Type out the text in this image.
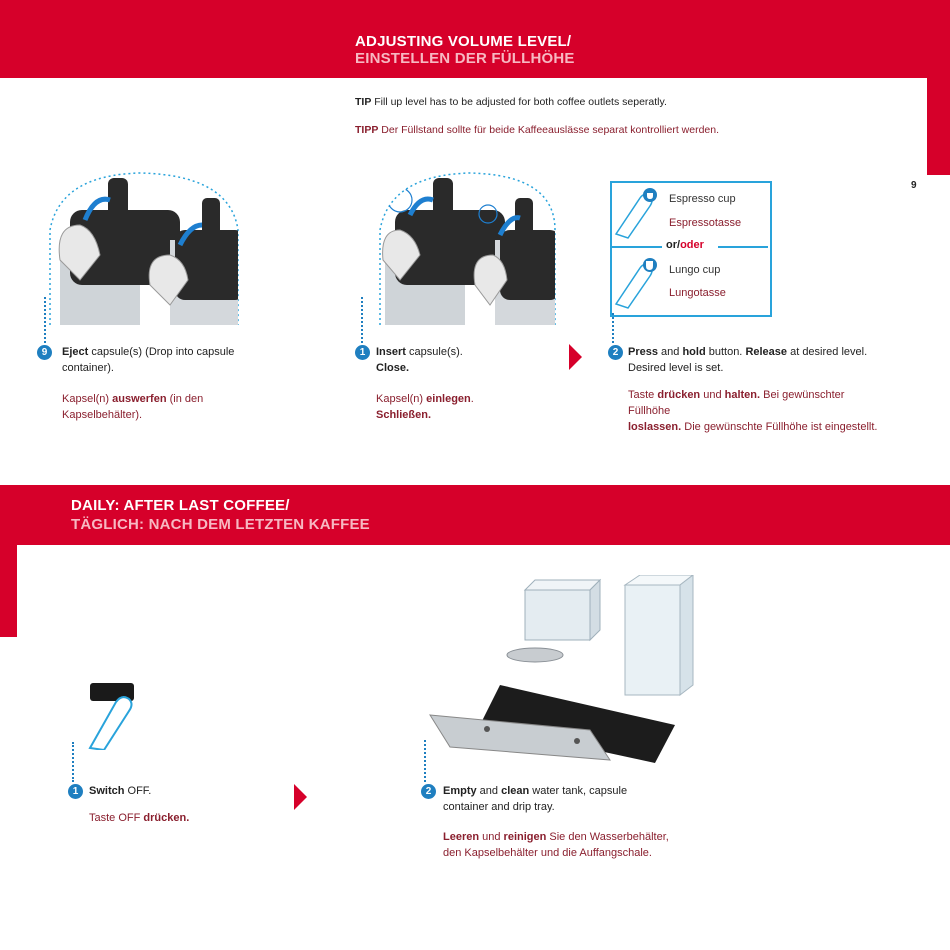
ADJUSTING VOLUME LEVEL/
EINSTELLEN DER FÜLLHÖHE
TIP Fill up level has to be adjusted for both coffee outlets seperatly.
TIPP Der Füllstand sollte für beide Kaffeeauslässe separat kontrolliert werden.
9
or/oder
Espresso cup
Espressotasse
Lungo cup
Lungotasse
9	Eject capsule(s) (Drop into capsule
container).
Kapsel(n) auswerfen (in den
Kapselbehälter).
1 Insert capsule(s).
Close.
Kapsel(n) einlegen.
Schließen.
2 Press and hold button. Release at desired level.
Desired level is set.
Taste drücken und halten. Bei gewünschter Füllhöhe
loslassen. Die gewünschte Füllhöhe ist eingestellt.
DAILY: AFTER LAST COFFEE/
TÄGLICH: NACH DEM LETZTEN KAFFEE
1 Switch OFF.
Taste OFF drücken.
2	Empty and clean water tank, capsule
container and drip tray.
Leeren und reinigen Sie den Wasserbehälter,
den Kapselbehälter und die Auffangschale.
